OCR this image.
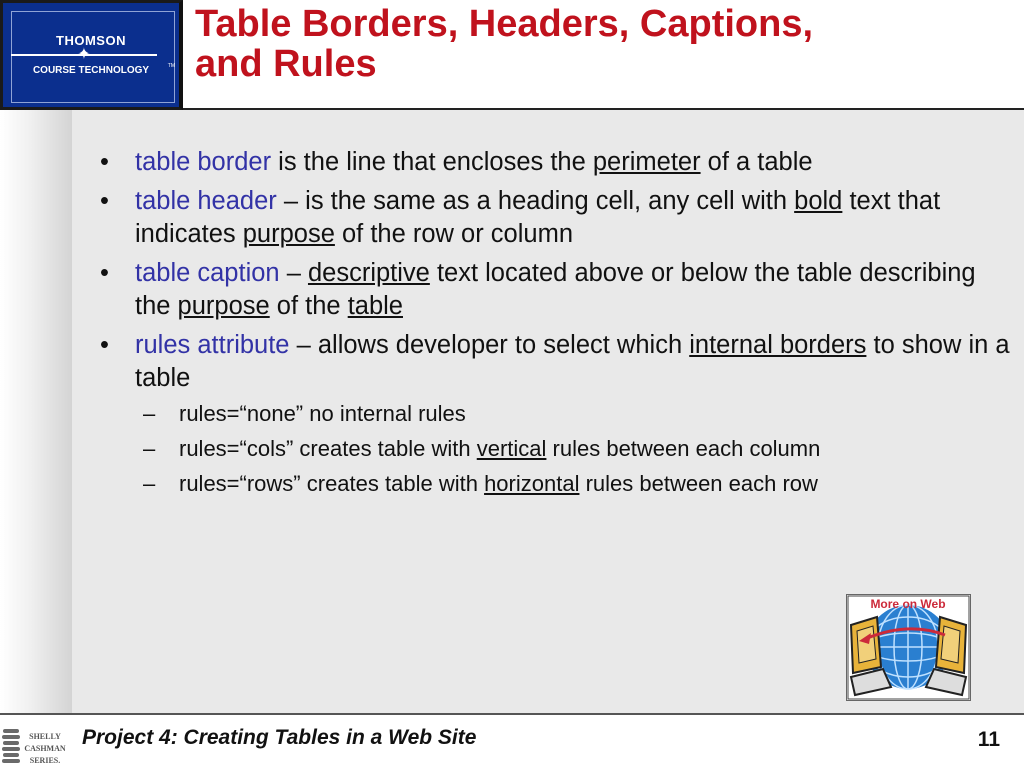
THOMSON
✦
COURSE TECHNOLOGY	TM
Table Borders, Headers, Captions,
and Rules
• table border is the line that encloses the perimeter of a table
• table header – is the same as a heading cell, any cell with bold text that indicates purpose of the row or column
• table caption – descriptive text located above or below the table describing the purpose of the table
• rules attribute – allows developer to select which internal borders to show in a table
– rules=“none” no internal rules
– rules=“cols” creates table with vertical rules between each column
– rules=“rows” creates table with horizontal rules between each row
More on Web
SHELLY
CASHMAN
SERIES.
Project 4: Creating Tables in a Web Site	11
